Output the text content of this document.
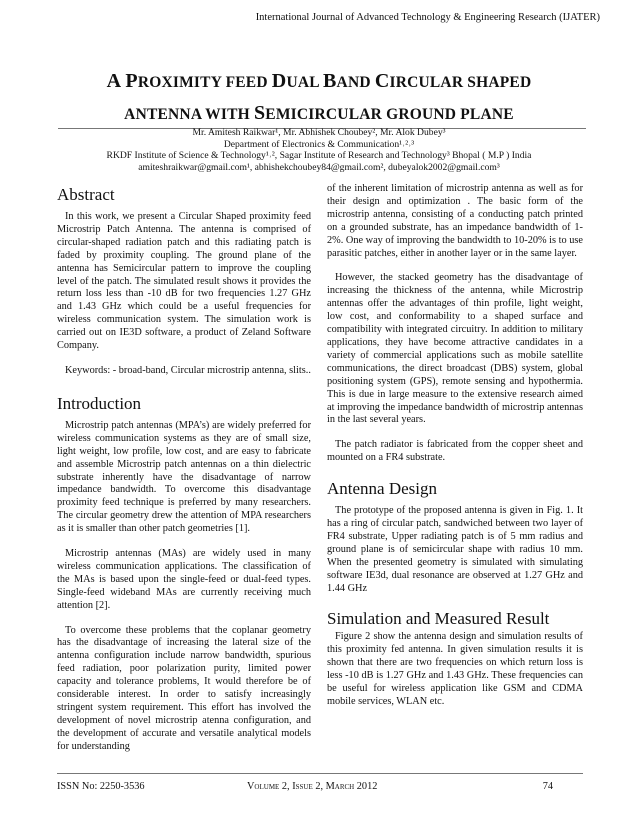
International Journal of Advanced Technology & Engineering Research (IJATER)
A PROXIMITY FEED DUAL BAND CIRCULAR SHAPED
ANTENNA WITH SEMICIRCULAR GROUND PLANE
Mr. Amitesh Raikwar¹, Mr. Abhishek Choubey², Mr. Alok Dubey³
Department of Electronics & Communication¹˒²˒³
RKDF Institute of Science & Technology¹˒², Sagar Institute of Research and Technology³ Bhopal ( M.P ) India
amiteshraikwar@gmail.com¹, abhishekchoubey84@gmail.com², dubeyalok2002@gmail.com³
Abstract

In this work, we present a Circular Shaped proximity feed Microstrip Patch Antenna. The antenna is comprised of circular-shaped radiation patch and this radiating patch is faded by proximity coupling. The ground plane of the antenna has Semicircular pattern to improve the coupling level of the patch. The simulated result shows it provides the return loss less than -10 dB for two frequencies 1.27 GHz and 1.43 GHz which could be a useful frequencies for wireless communication system. The simulation work is carried out on IE3D software, a product of Zeland Software Company.

Keywords: - broad-band, Circular microstrip antenna, slits..

Introduction

Microstrip patch antennas (MPA’s) are widely preferred for wireless communication systems as they are of small size, light weight, low profile, low cost, and are easy to fabricate and assemble Microstrip patch antennas on a thin dielectric substrate inherently have the disadvantage of narrow impedance bandwidth. To overcome this disadvantage proximity feed technique is preferred by many researchers. The circular geometry drew the attention of MPA researchers as it is smaller than other patch geometries [1].

Microstrip antennas (MAs) are widely used in many wireless communication applications. The classification of the MAs is based upon the single-feed or dual-feed types. Single-feed wideband MAs are currently receiving much attention [2].

To overcome these problems that the coplanar geometry has the disadvantage of increasing the lateral size of the antenna configuration include narrow bandwidth, spurious feed radiation, poor polarization purity, limited power capacity and tolerance problems, It would therefore be of considerable interest. In order to satisfy increasingly stringent system requirement. This effort has involved the development of novel microstrip atenna configuration, and the development of accurate and versatile analytical models for understanding

of the inherent limitation of microstrip antenna as well as for their design and optimization . The basic form of the microstrip antenna, consisting of a conducting patch printed on a grounded substrate, has an impedance bandwidth of 1-2%. One way of improving the bandwidth to 10-20% is to use parasitic patches, either in another layer or in the same layer.

However, the stacked geometry has the disadvantage of increasing the thickness of the antenna, while Microstrip antennas offer the advantages of thin profile, light weight, low cost, and conformability to a shaped surface and compatibility with integrated circuitry. In addition to military applications, they have become attractive candidates in a variety of commercial applications such as mobile satellite communications, the direct broadcast (DBS) system, global positioning system (GPS), remote sensing and hypothermia. This is due in large measure to the extensive research aimed at improving the impedance bandwidth of microstrip antennas in the last several years.

The patch radiator is fabricated from the copper sheet and mounted on a FR4 substrate.

Antenna Design

The prototype of the proposed antenna is given in Fig. 1. It has a ring of circular patch, sandwiched between two layer of FR4 substrate, Upper radiating patch is of 5 mm radius and ground plane is of semicircular shape with radius 10 mm. When the presented geometry is simulated with simulating software IE3d, dual resonance are observed at 1.27 GHz and 1.44 GHz

Simulation and Measured Result

Figure 2 show the antenna design and simulation results of this proximity fed antenna. In given simulation results it is shown that there are two frequencies on which return loss is less -10 dB is 1.27 GHz and 1.43 GHz. These frequencies can be useful for wireless application like GSM and CDMA mobile services, WLAN etc.

ISSN No: 2250-3536	Volume 2, Issue 2, March 2012	74
